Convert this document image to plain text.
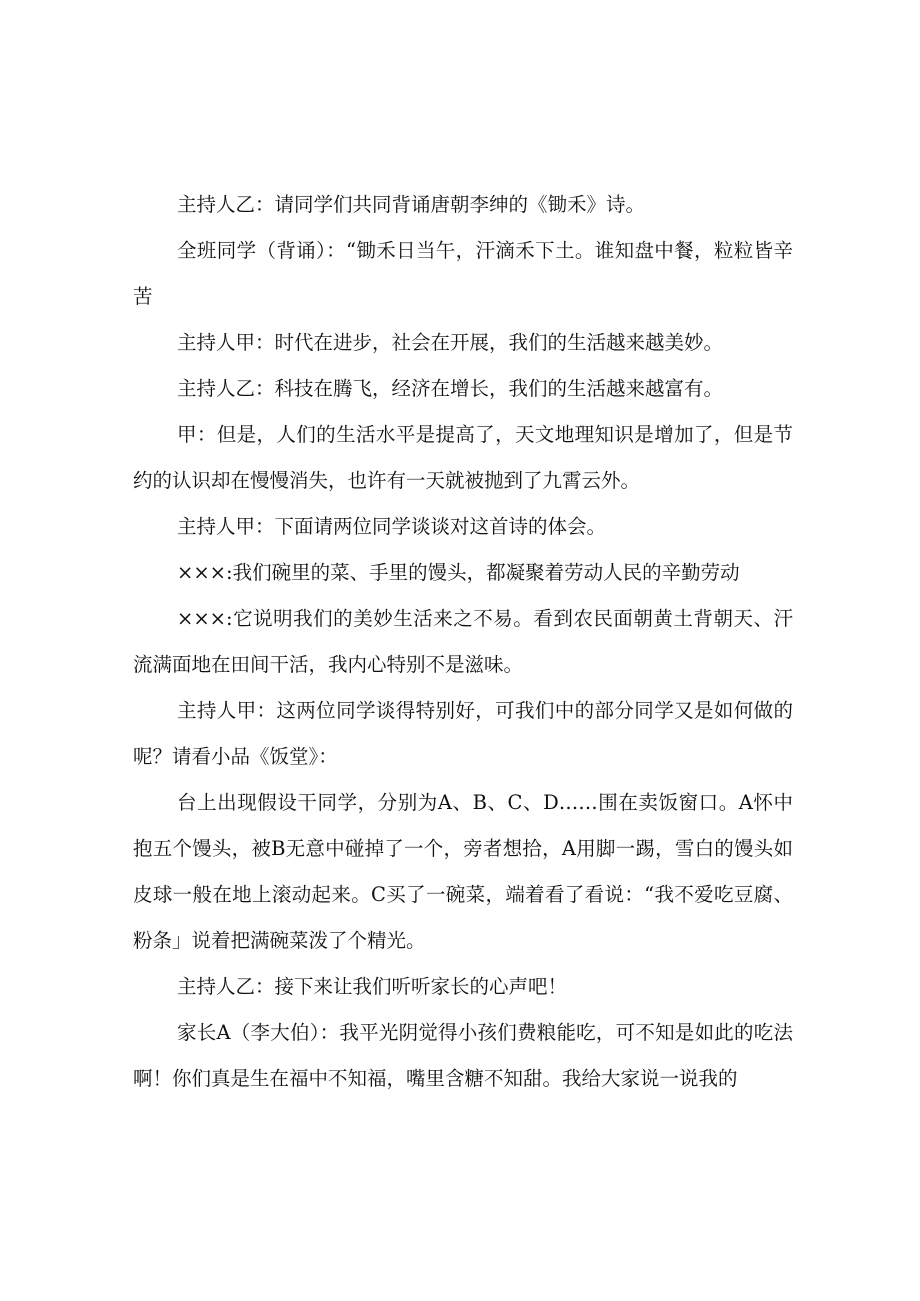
主持人乙：请同学们共同背诵唐朝李绅的《锄禾》诗。

全班同学（背诵）：“锄禾日当午，汗滴禾下土。谁知盘中餐，粒粒皆辛苦

主持人甲：时代在进步，社会在开展，我们的生活越来越美妙。

主持人乙：科技在腾飞，经济在增长，我们的生活越来越富有。

甲：但是，人们的生活水平是提高了，天文地理知识是增加了，但是节约的认识却在慢慢消失，也许有一天就被抛到了九霄云外。

主持人甲：下面请两位同学谈谈对这首诗的体会。

×××:我们碗里的菜、手里的馒头，都凝聚着劳动人民的辛勤劳动

×××:它说明我们的美妙生活来之不易。看到农民面朝黄土背朝天、汗流满面地在田间干活，我内心特别不是滋味。

主持人甲：这两位同学谈得特别好，可我们中的部分同学又是如何做的呢？请看小品《饭堂》：

台上出现假设干同学，分别为A、B、C、D……围在卖饭窗口。A怀中抱五个馒头，被B无意中碰掉了一个，旁者想拾，A用脚一踢，雪白的馒头如皮球一般在地上滚动起来。C买了一碗菜，端着看了看说：“我不爱吃豆腐、粉条」说着把满碗菜泼了个精光。

主持人乙：接下来让我们听听家长的心声吧！

家长A（李大伯）：我平光阴觉得小孩们费粮能吃，可不知是如此的吃法啊！你们真是生在福中不知福，嘴里含糖不知甜。我给大家说一说我的
